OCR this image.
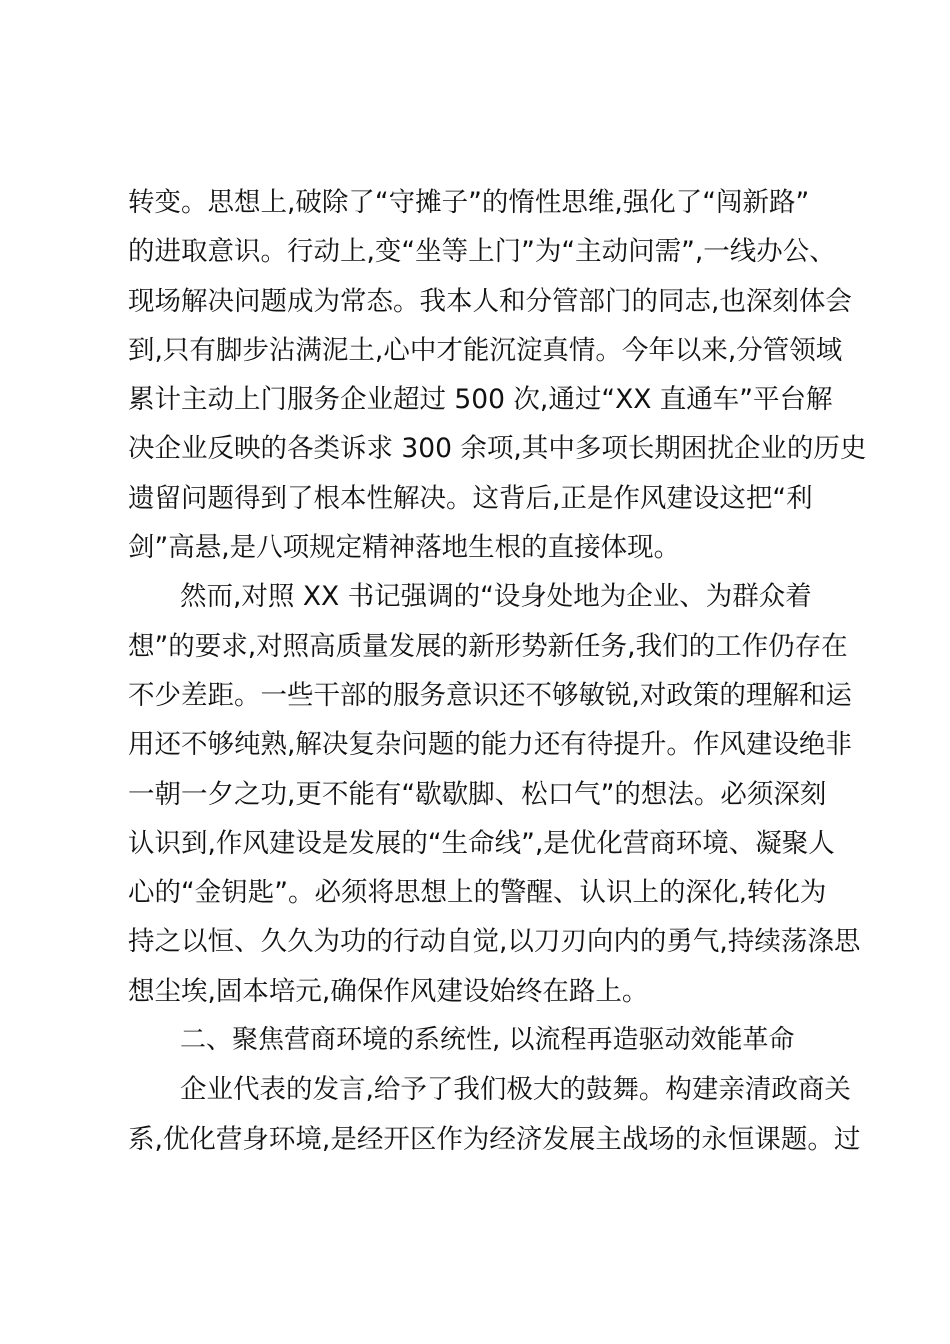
转变。思想上,破除了“守摊子”的惰性思维,强化了“闯新路”
的进取意识。行动上,变“坐等上门”为“主动问需”,一线办公、
现场解决问题成为常态。我本人和分管部门的同志,也深刻体会
到,只有脚步沾满泥土,心中才能沉淀真情。今年以来,分管领域
累计主动上门服务企业超过 500 次,通过“XX 直通车”平台解
决企业反映的各类诉求 300 余项,其中多项长期困扰企业的历史
遗留问题得到了根本性解决。这背后,正是作风建设这把“利
剑”高悬,是八项规定精神落地生根的直接体现。
然而,对照 XX 书记强调的“设身处地为企业、为群众着
想”的要求,对照高质量发展的新形势新任务,我们的工作仍存在
不少差距。一些干部的服务意识还不够敏锐,对政策的理解和运
用还不够纯熟,解决复杂问题的能力还有待提升。作风建设绝非
一朝一夕之功,更不能有“歇歇脚、松口气”的想法。必须深刻
认识到,作风建设是发展的“生命线”,是优化营商环境、凝聚人
心的“金钥匙”。必须将思想上的警醒、认识上的深化,转化为
持之以恒、久久为功的行动自觉,以刀刃向内的勇气,持续荡涤思
想尘埃,固本培元,确保作风建设始终在路上。
二、聚焦营商环境的系统性, 以流程再造驱动效能革命
企业代表的发言,给予了我们极大的鼓舞。构建亲清政商关
系,优化营身环境,是经开区作为经济发展主战场的永恒课题。过
